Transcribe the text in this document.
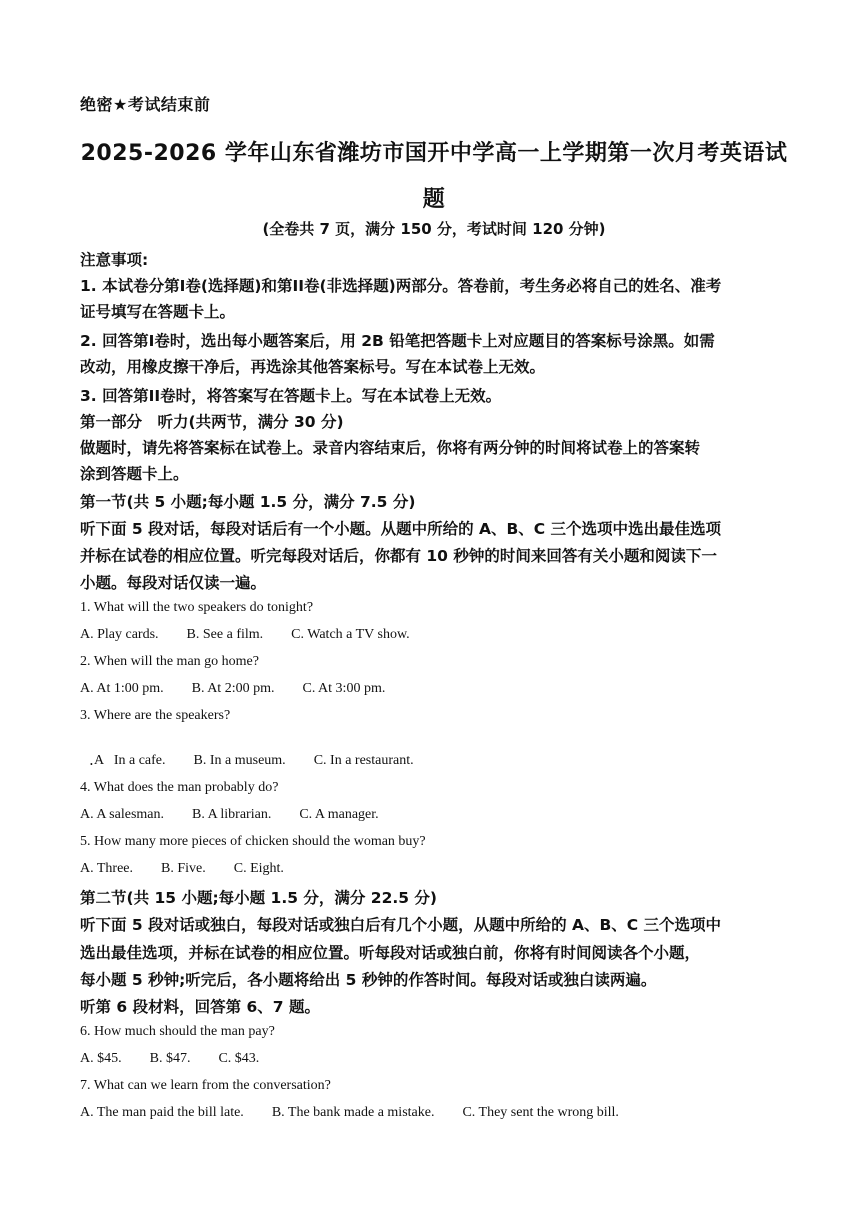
绝密★考试结束前
2025-2026 学年山东省潍坊市国开中学高一上学期第一次月考英语试
题
(全卷共 7 页，满分 150 分，考试时间 120 分钟)
注意事项:
1. 本试卷分第I卷(选择题)和第II卷(非选择题)两部分。答卷前，考生务必将自己的姓名、准考
证号填写在答题卡上。
2. 回答第I卷时，选出每小题答案后，用 2B 铅笔把答题卡上对应题目的答案标号涂黑。如需
改动，用橡皮擦干净后，再选涂其他答案标号。写在本试卷上无效。
3. 回答第II卷时，将答案写在答题卡上。写在本试卷上无效。
第一部分　听力(共两节，满分 30 分)
做题时，请先将答案标在试卷上。录音内容结束后，你将有两分钟的时间将试卷上的答案转
涂到答题卡上。
第一节(共 5 小题;每小题 1.5 分，满分 7.5 分)
听下面 5 段对话，每段对话后有一个小题。从题中所给的 A、B、C 三个选项中选出最佳选项
并标在试卷的相应位置。听完每段对话后，你都有 10 秒钟的时间来回答有关小题和阅读下一
小题。每段对话仅读一遍。
1. What will the two speakers do tonight?
A. Play cards. B. See a film. C. Watch a TV show.
2. When will the man go home?
A. At 1:00 pm. B. At 2:00 pm. C. At 3:00 pm.
3. Where are the speakers?

A   In a cafe. B. In a museum. C. In a restaurant.

•
4. What does the man probably do?
A. A salesman. B. A librarian. C. A manager.
5. How many more pieces of chicken should the woman buy?
A. Three. B. Five. C. Eight.
第二节(共 15 小题;每小题 1.5 分，满分 22.5 分)
听下面 5 段对话或独白，每段对话或独白后有几个小题，从题中所给的 A、B、C 三个选项中
选出最佳选项，并标在试卷的相应位置。听每段对话或独白前，你将有时间阅读各个小题，
每小题 5 秒钟;听完后，各小题将给出 5 秒钟的作答时间。每段对话或独白读两遍。
听第 6 段材料，回答第 6、7 题。
6. How much should the man pay?
A. $45. B. $47. C. $43.
7. What can we learn from the conversation?
A. The man paid the bill late. B. The bank made a mistake. C. They sent the wrong bill.
